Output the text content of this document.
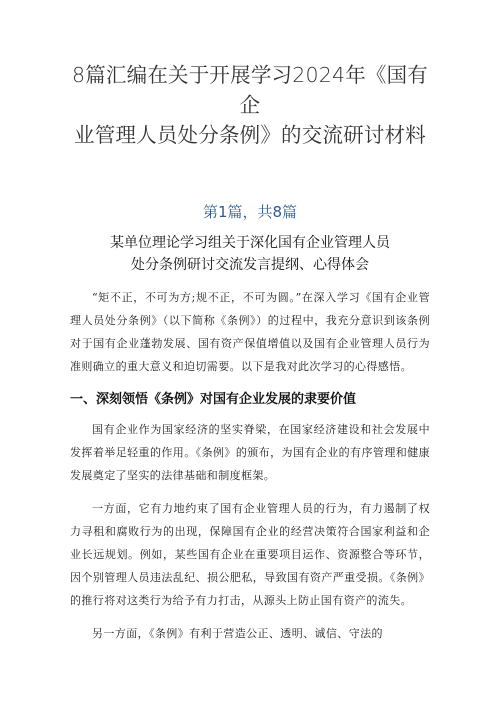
8篇汇编在关于开展学习2024年《国有企
业管理人员处分条例》的交流研讨材料

第1篇，共8篇

某单位理论学习组关于深化国有企业管理人员
处分条例研讨交流发言提纲、心得体会

“矩不正，不可为方;规不正，不可为圆。”在深入学习《国有企业管理人员处分条例》（以下简称《条例》）的过程中，我充分意识到该条例对于国有企业蓬勃发展、国有资产保值增值以及国有企业管理人员行为准则确立的重大意义和迫切需要。以下是我对此次学习的心得感悟。

一、深刻领悟《条例》对国有企业发展的隶要价值

国有企业作为国家经济的坚实脊梁，在国家经济建设和社会发展中发挥着举足轻重的作用。《条例》的颁布，为国有企业的有序管理和健康发展奠定了坚实的法律基础和制度框架。

一方面，它有力地约束了国有企业管理人员的行为，有力遏制了权力寻租和腐败行为的出现，保障国有企业的经营决策符合国家利益和企业长远规划。例如，某些国有企业在重要项目运作、资源整合等环节，因个别管理人员违法乱纪、损公肥私，导致国有资产严重受损。《条例》的推行将对这类行为给予有力打击，从源头上防止国有资产的流失。

另一方面，《条例》有利于营造公正、透明、诚信、守法的
